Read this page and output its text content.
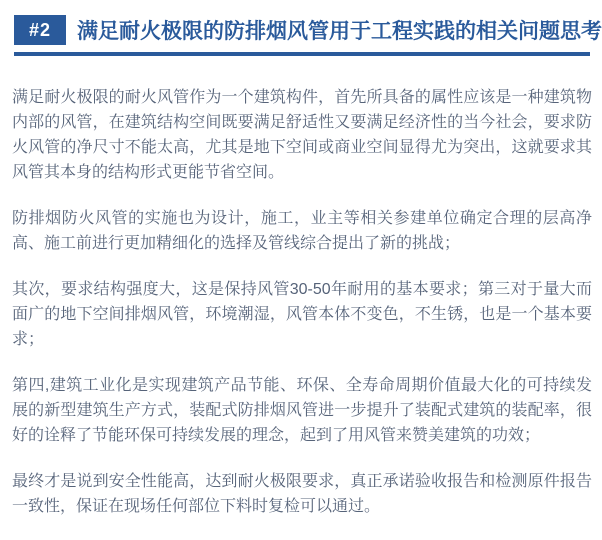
#2	满足耐火极限的防排烟风管用于工程实践的相关问题思考

满足耐火极限的耐火风管作为一个建筑构件，首先所具备的属性应该是一种建筑物内部的风管，在建筑结构空间既要满足舒适性又要满足经济性的当今社会，要求防火风管的净尺寸不能太高，尤其是地下空间或商业空间显得尤为突出，这就要求其风管其本身的结构形式更能节省空间。

防排烟防火风管的实施也为设计，施工，业主等相关参建单位确定合理的层高净高、施工前进行更加精细化的选择及管线综合提出了新的挑战；

其次，要求结构强度大，这是保持风管30-50年耐用的基本要求；第三对于量大而面广的地下空间排烟风管，环境潮湿，风管本体不变色，不生锈，也是一个基本要求；

第四,建筑工业化是实现建筑产品节能、环保、全寿命周期价值最大化的可持续发展的新型建筑生产方式，装配式防排烟风管进一步提升了装配式建筑的装配率，很好的诠释了节能环保可持续发展的理念，起到了用风管来赞美建筑的功效；

最终才是说到安全性能高，达到耐火极限要求，真正承诺验收报告和检测原件报告一致性，保证在现场任何部位下料时复检可以通过。
